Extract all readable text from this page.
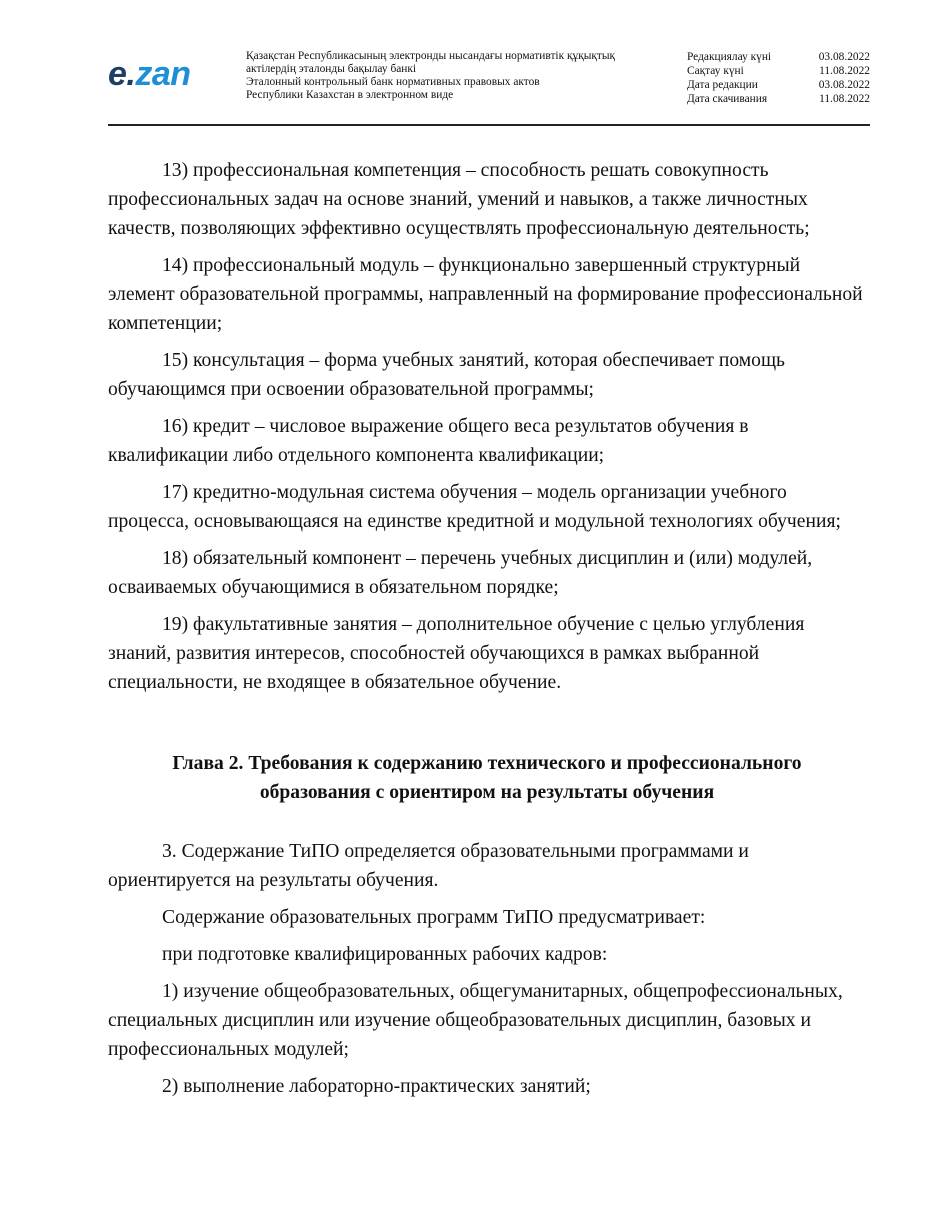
e.zan	Қазақстан Республикасының электронды нысандағы нормативтік құқықтық
актілердің эталонды бақылау банкі
Эталонный контрольный банк нормативных правовых актов
Республики Казахстан в электронном виде
Редакциялау күні	03.08.2022
Сақтау күні	11.08.2022
Дата редакции	03.08.2022
Дата скачивания	11.08.2022

13) профессиональная компетенция – способность решать совокупность профессиональных задач на основе знаний, умений и навыков, а также личностных качеств, позволяющих эффективно осуществлять профессиональную деятельность;

14) профессиональный модуль – функционально завершенный структурный элемент образовательной программы, направленный на формирование профессиональной компетенции;

15) консультация – форма учебных занятий, которая обеспечивает помощь обучающимся при освоении образовательной программы;

16) кредит – числовое выражение общего веса результатов обучения в квалификации либо отдельного компонента квалификации;

17) кредитно-модульная система обучения – модель организации учебного процесса, основывающаяся на единстве кредитной и модульной технологиях обучения;

18) обязательный компонент – перечень учебных дисциплин и (или) модулей, осваиваемых обучающимися в обязательном порядке;

19) факультативные занятия – дополнительное обучение с целью углубления знаний, развития интересов, способностей обучающихся в рамках выбранной специальности, не входящее в обязательное обучение.

Глава 2. Требования к содержанию технического и профессионального
образования с ориентиром на результаты обучения

3. Содержание ТиПО определяется образовательными программами и ориентируется на результаты обучения.

Содержание образовательных программ ТиПО предусматривает:

при подготовке квалифицированных рабочих кадров:

1) изучение общеобразовательных, общегуманитарных, общепрофессиональных, специальных дисциплин или изучение общеобразовательных дисциплин, базовых и профессиональных модулей;

2) выполнение лабораторно-практических занятий;
